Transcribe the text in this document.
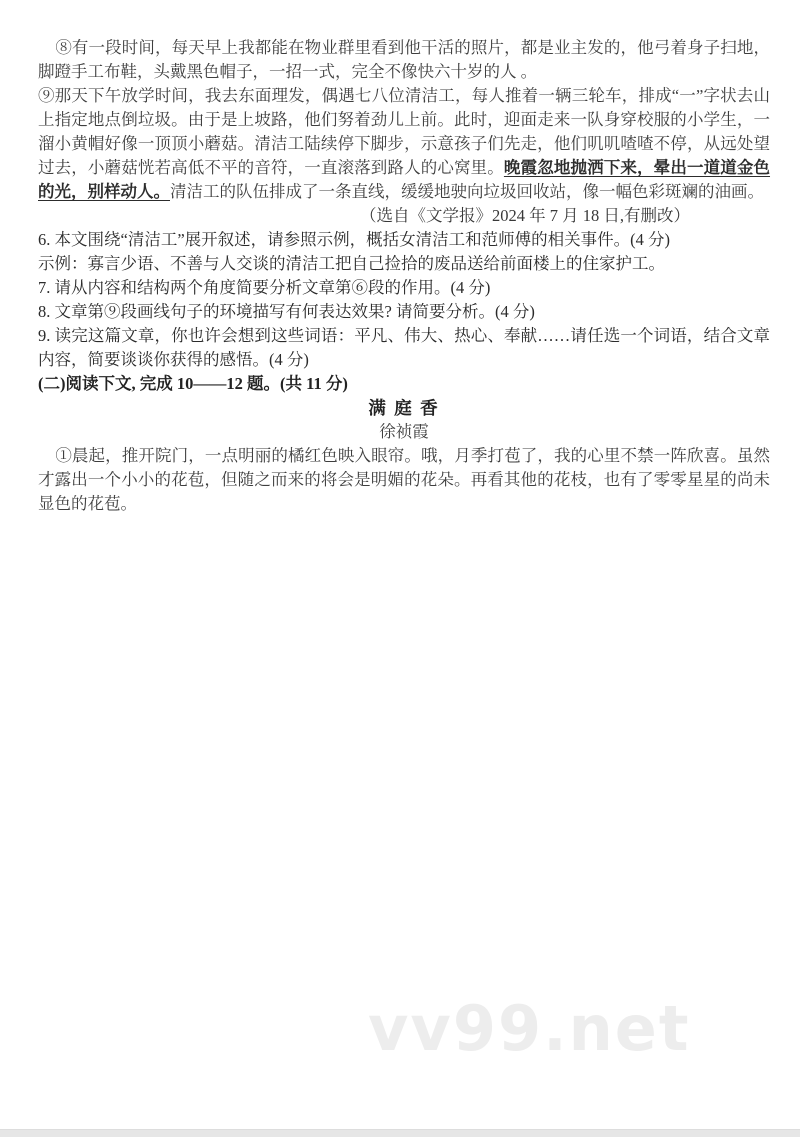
vv99.net

⑧有一段时间，每天早上我都能在物业群里看到他干活的照片，都是业主发的，他弓着身子扫地，脚蹬手工布鞋，头戴黑色帽子，一招一式，完全不像快六十岁的人 。

⑨那天下午放学时间，我去东面理发，偶遇七八位清洁工，每人推着一辆三轮车，排成“一”字状去山上指定地点倒垃圾。由于是上坡路，他们努着劲儿上前。此时，迎面走来一队身穿校服的小学生，一溜小黄帽好像一顶顶小蘑菇。清洁工陆续停下脚步，示意孩子们先走，他们叽叽喳喳不停，从远处望过去，小蘑菇恍若高低不平的音符，一直滚落到路人的心窝里。晚霞忽地抛洒下来，晕出一道道金色的光，别样动人。清洁工的队伍排成了一条直线，缓缓地驶向垃圾回收站，像一幅色彩斑斓的油画。

（选自《文学报》2024 年 7 月 18 日,有删改）

6. 本文围绕“清洁工”展开叙述，请参照示例，概括女清洁工和范师傅的相关事件。(4 分)

示例：寡言少语、不善与人交谈的清洁工把自己捡拾的废品送给前面楼上的住家护工。

7. 请从内容和结构两个角度简要分析文章第⑥段的作用。(4 分)

8. 文章第⑨段画线句子的环境描写有何表达效果? 请简要分析。(4 分)

9. 读完这篇文章，你也许会想到这些词语：平凡、伟大、热心、奉献……请任选一个词语，结合文章内容，简要谈谈你获得的感悟。(4 分)

(二)阅读下文, 完成 10——12 题。(共 11 分)

满 庭 香

徐祯霞

①晨起，推开院门，一点明丽的橘红色映入眼帘。哦，月季打苞了，我的心里不禁一阵欣喜。虽然才露出一个小小的花苞，但随之而来的将会是明媚的花朵。再看其他的花枝，也有了零零星星的尚未显色的花苞。
